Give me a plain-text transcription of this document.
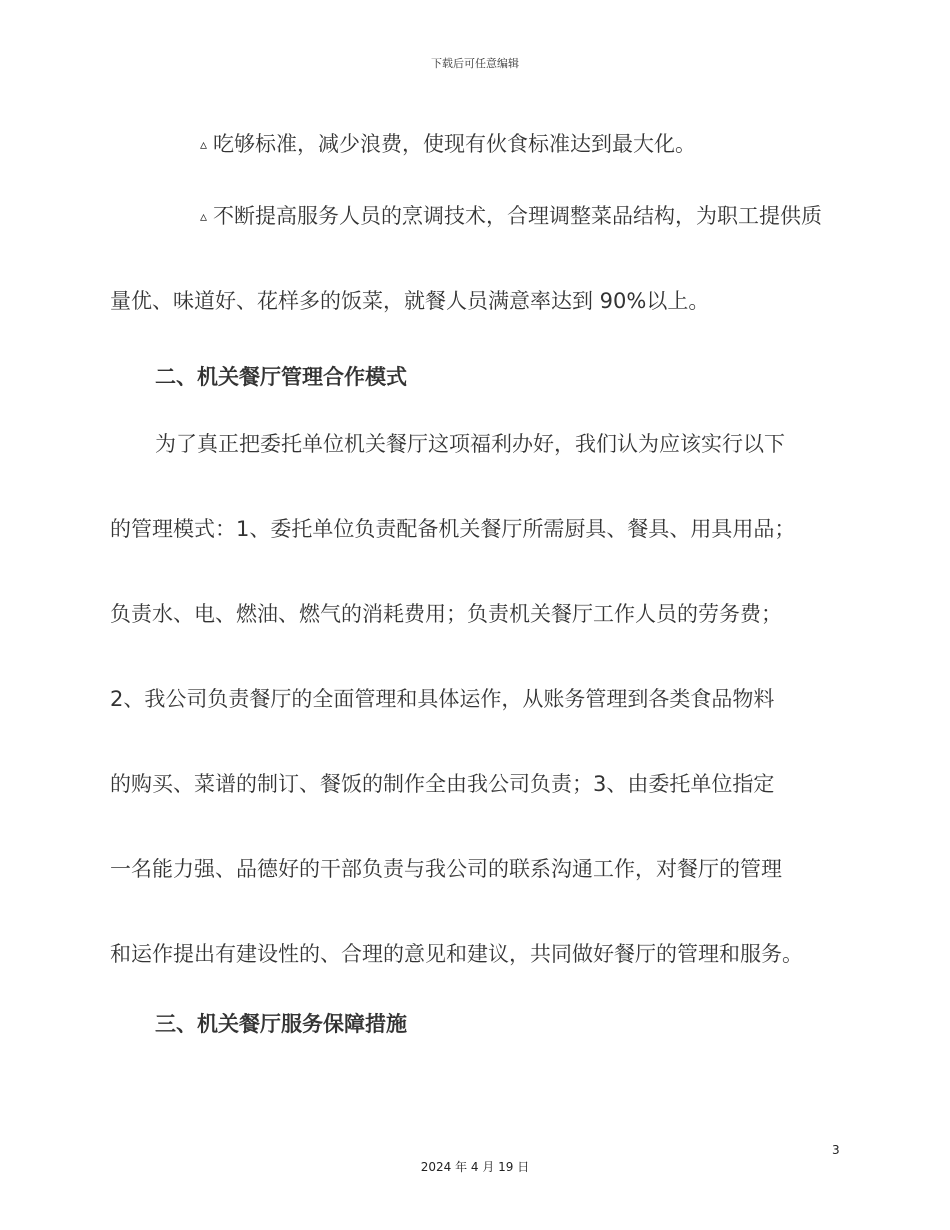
下载后可任意编辑

▵ 吃够标准，减少浪费，使现有伙食标准达到最大化。

▵ 不断提高服务人员的烹调技术，合理调整菜品结构，为职工提供质

量优、味道好、花样多的饭菜，就餐人员满意率达到 90%以上。

二、机关餐厅管理合作模式

为了真正把委托单位机关餐厅这项福利办好，我们认为应该实行以下

的管理模式：1、委托单位负责配备机关餐厅所需厨具、餐具、用具用品；

负责水、电、燃油、燃气的消耗费用；负责机关餐厅工作人员的劳务费；

2、我公司负责餐厅的全面管理和具体运作，从账务管理到各类食品物料

的购买、菜谱的制订、餐饭的制作全由我公司负责；3、由委托单位指定

一名能力强、品德好的干部负责与我公司的联系沟通工作，对餐厅的管理

和运作提出有建设性的、合理的意见和建议，共同做好餐厅的管理和服务。

三、机关餐厅服务保障措施

3
2024 年 4 月 19 日
